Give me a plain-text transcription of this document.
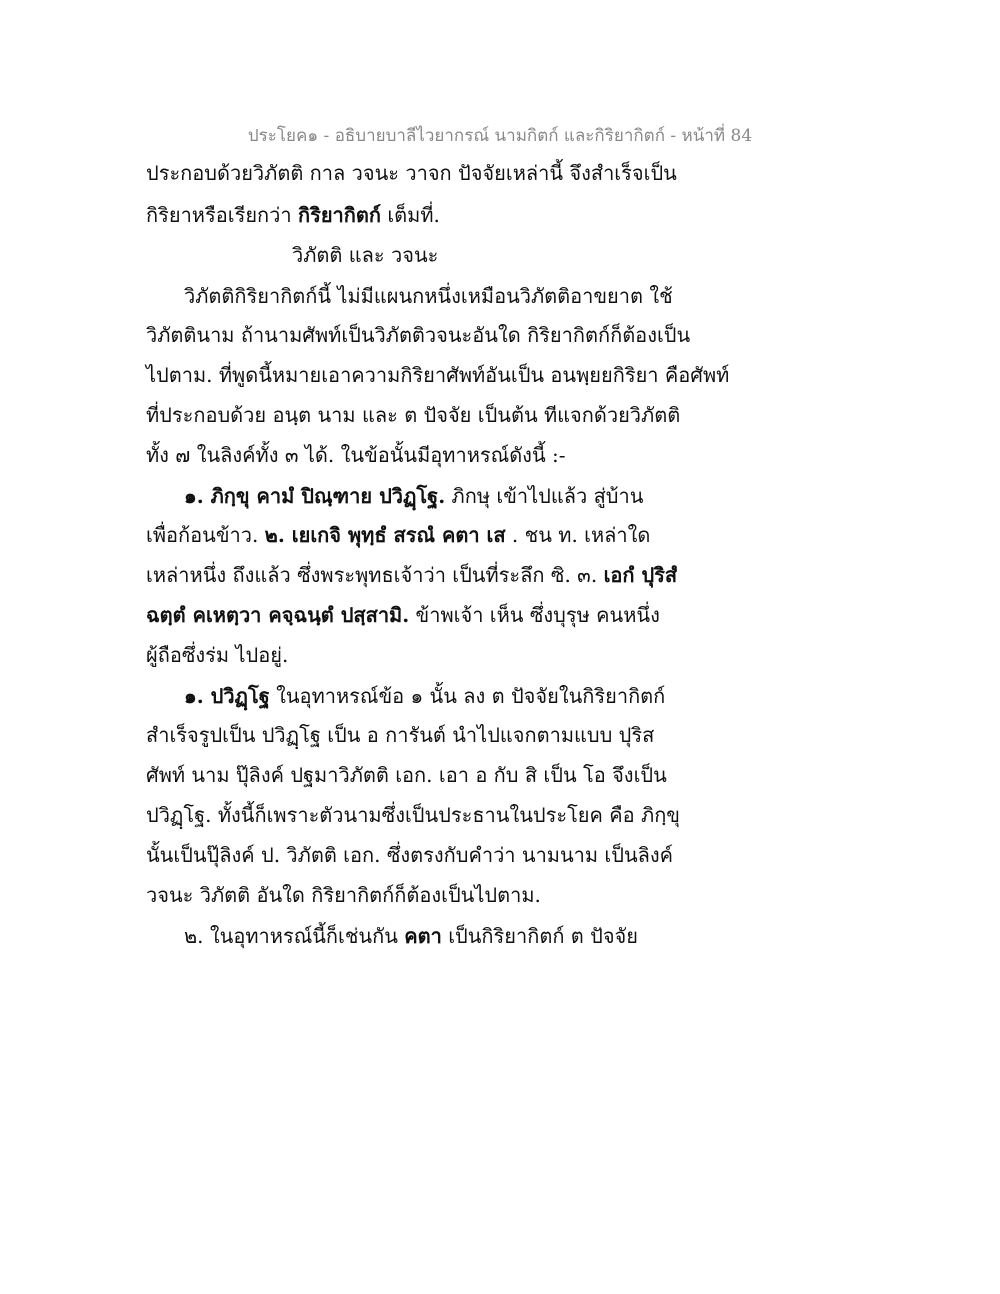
ประโยค๑ - อธิบายบาลีไวยากรณ์ นามกิตก์ และกิริยากิตก์ - หน้าที่ 84
ประกอบด้วยวิภัตติ กาล วจนะ วาจก ปัจจัยเหล่านี้ จึงสำเร็จเป็น
กิริยาหรือเรียกว่า กิริยากิตก์ เต็มที่.
วิภัตติ และ วจนะ
วิภัตติกิริยากิตก์นี้ ไม่มีแผนกหนึ่งเหมือนวิภัตติอาขยาต ใช้
วิภัตตินาม ถ้านามศัพท์เป็นวิภัตติวจนะอันใด กิริยากิตก์ก็ต้องเป็น
ไปตาม. ที่พูดนี้หมายเอาความกิริยาศัพท์อันเป็น อนพฺยยกิริยา คือศัพท์
ที่ประกอบด้วย อนฺต นาม และ ต ปัจจัย เป็นต้น ทีแจกด้วยวิภัตติ
ทั้ง ๗ ในลิงค์ทั้ง ๓ ได้. ในข้อนั้นมีอุทาหรณ์ดังนี้ :-
๑. ภิกฺขุ คามํ ปิณฺฑาย ปวิฏฺโฐ. ภิกษุ เข้าไปแล้ว สู่บ้าน
เพื่อก้อนข้าว. ๒. เยเกจิ พุทฺธํ สรณํ คตา เส . ชน ท. เหล่าใด
เหล่าหนึ่ง ถึงแล้ว ซึ่งพระพุทธเจ้าว่า เป็นที่ระลึก ซิ. ๓. เอกํ ปุริสํ
ฉตฺตํ คเหตฺวา คจฺฉนฺตํ ปสฺสามิ. ข้าพเจ้า เห็น ซึ่งบุรุษ คนหนึ่ง
ผู้ถือซึ่งร่ม ไปอยู่.
๑. ปวิฏฺโฐ ในอุทาหรณ์ข้อ ๑ นั้น ลง ต ปัจจัยในกิริยากิตก์
สำเร็จรูปเป็น ปวิฏฺโฐ เป็น อ การันต์ นำไปแจกตามแบบ ปุริส
ศัพท์ นาม ปุ๊ลิงค์ ปฐมาวิภัตติ เอก. เอา อ กับ สิ เป็น โอ จึงเป็น
ปวิฏฺโฐ. ทั้งนี้ก็เพราะตัวนามซึ่งเป็นประธานในประโยค คือ ภิกฺขุ
นั้นเป็นปุ๊ลิงค์ ป. วิภัตติ เอก. ซึ่งตรงกับคำว่า นามนาม เป็นลิงค์
วจนะ วิภัตติ อันใด กิริยากิตก์ก็ต้องเป็นไปตาม.
๒. ในอุทาหรณ์นี้ก็เช่นกัน คตา เป็นกิริยากิตก์ ต ปัจจัย
